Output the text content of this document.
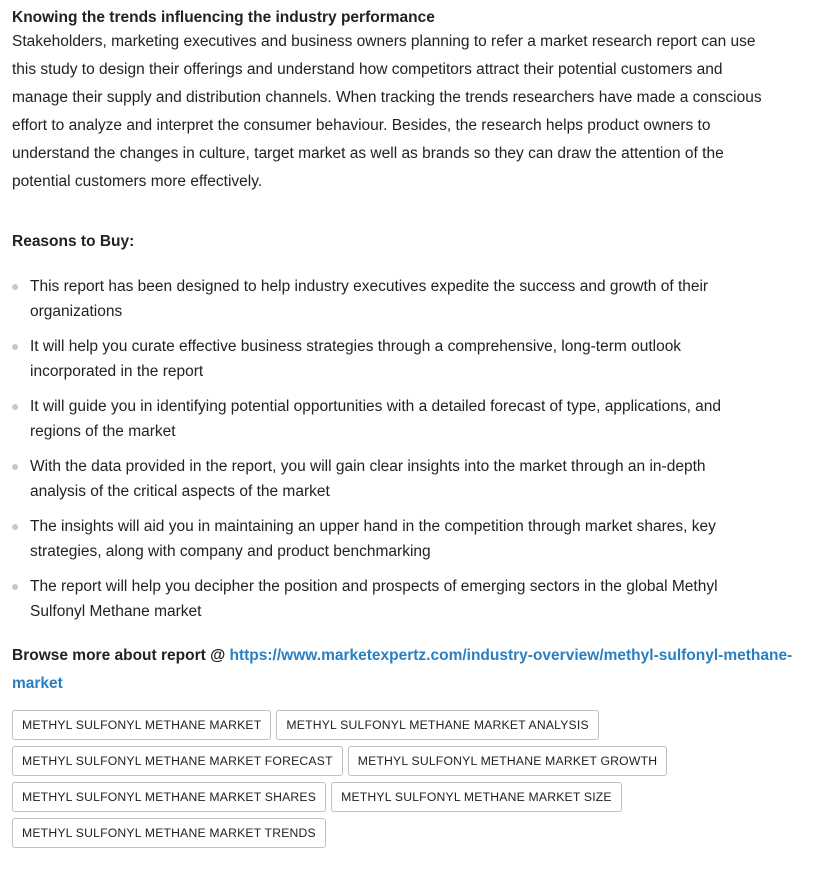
Knowing the trends influencing the industry performance

Stakeholders, marketing executives and business owners planning to refer a market research report can use
this study to design their offerings and understand how competitors attract their potential customers and
manage their supply and distribution channels. When tracking the trends researchers have made a conscious
effort to analyze and interpret the consumer behaviour. Besides, the research helps product owners to
understand the changes in culture, target market as well as brands so they can draw the attention of the
potential customers more effectively.

Reasons to Buy:

This report has been designed to help industry executives expedite the success and growth of their
organizations
It will help you curate effective business strategies through a comprehensive, long-term outlook
incorporated in the report
It will guide you in identifying potential opportunities with a detailed forecast of type, applications, and
regions of the market
With the data provided in the report, you will gain clear insights into the market through an in-depth
analysis of the critical aspects of the market
The insights will aid you in maintaining an upper hand in the competition through market shares, key
strategies, along with company and product benchmarking
The report will help you decipher the position and prospects of emerging sectors in the global Methyl
Sulfonyl Methane market
Browse more about report @ https://www.marketexpertz.com/industry-overview/methyl-sulfonyl-methane-
market
METHYL SULFONYL METHANE MARKET	METHYL SULFONYL METHANE MARKET ANALYSIS
METHYL SULFONYL METHANE MARKET FORECAST	METHYL SULFONYL METHANE MARKET GROWTH
METHYL SULFONYL METHANE MARKET SHARES	METHYL SULFONYL METHANE MARKET SIZE
METHYL SULFONYL METHANE MARKET TRENDS
